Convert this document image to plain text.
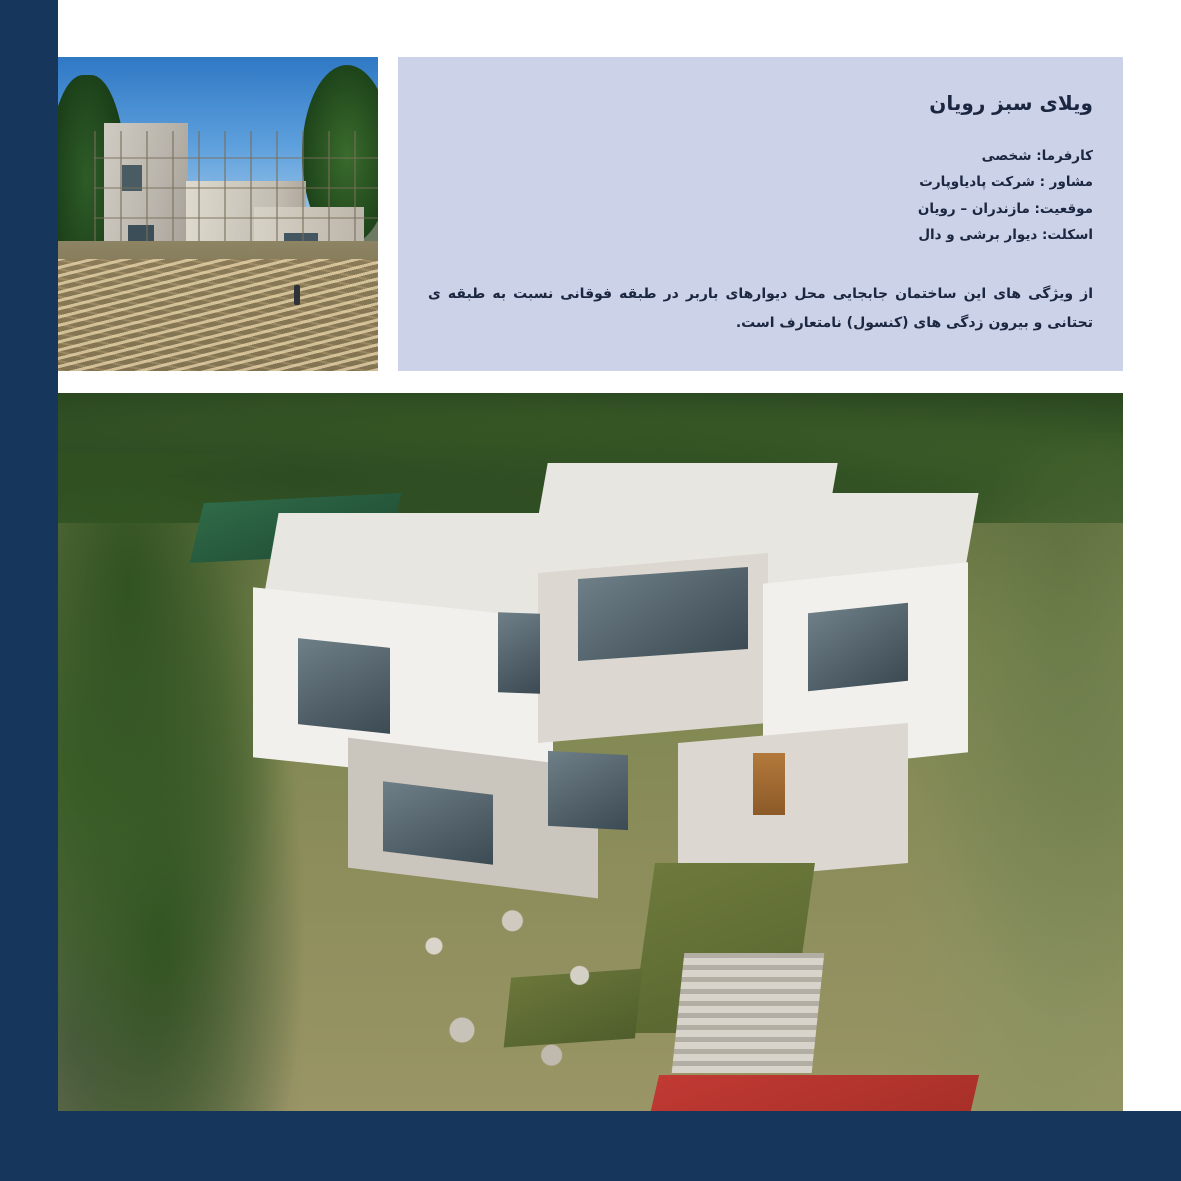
ویلای سبز رویان
کارفرما: شخصی
مشاور : شرکت پادیاوپارت
موقعیت: مازندران – رویان
اسکلت: دیوار برشی و دال
از ویژگی های این ساختمان جابجایی محل دیوارهای باربر در طبقه فوقانی نسبت به طبقه ی تحتانی و بیرون زدگی های (کنسول) نامتعارف است.
